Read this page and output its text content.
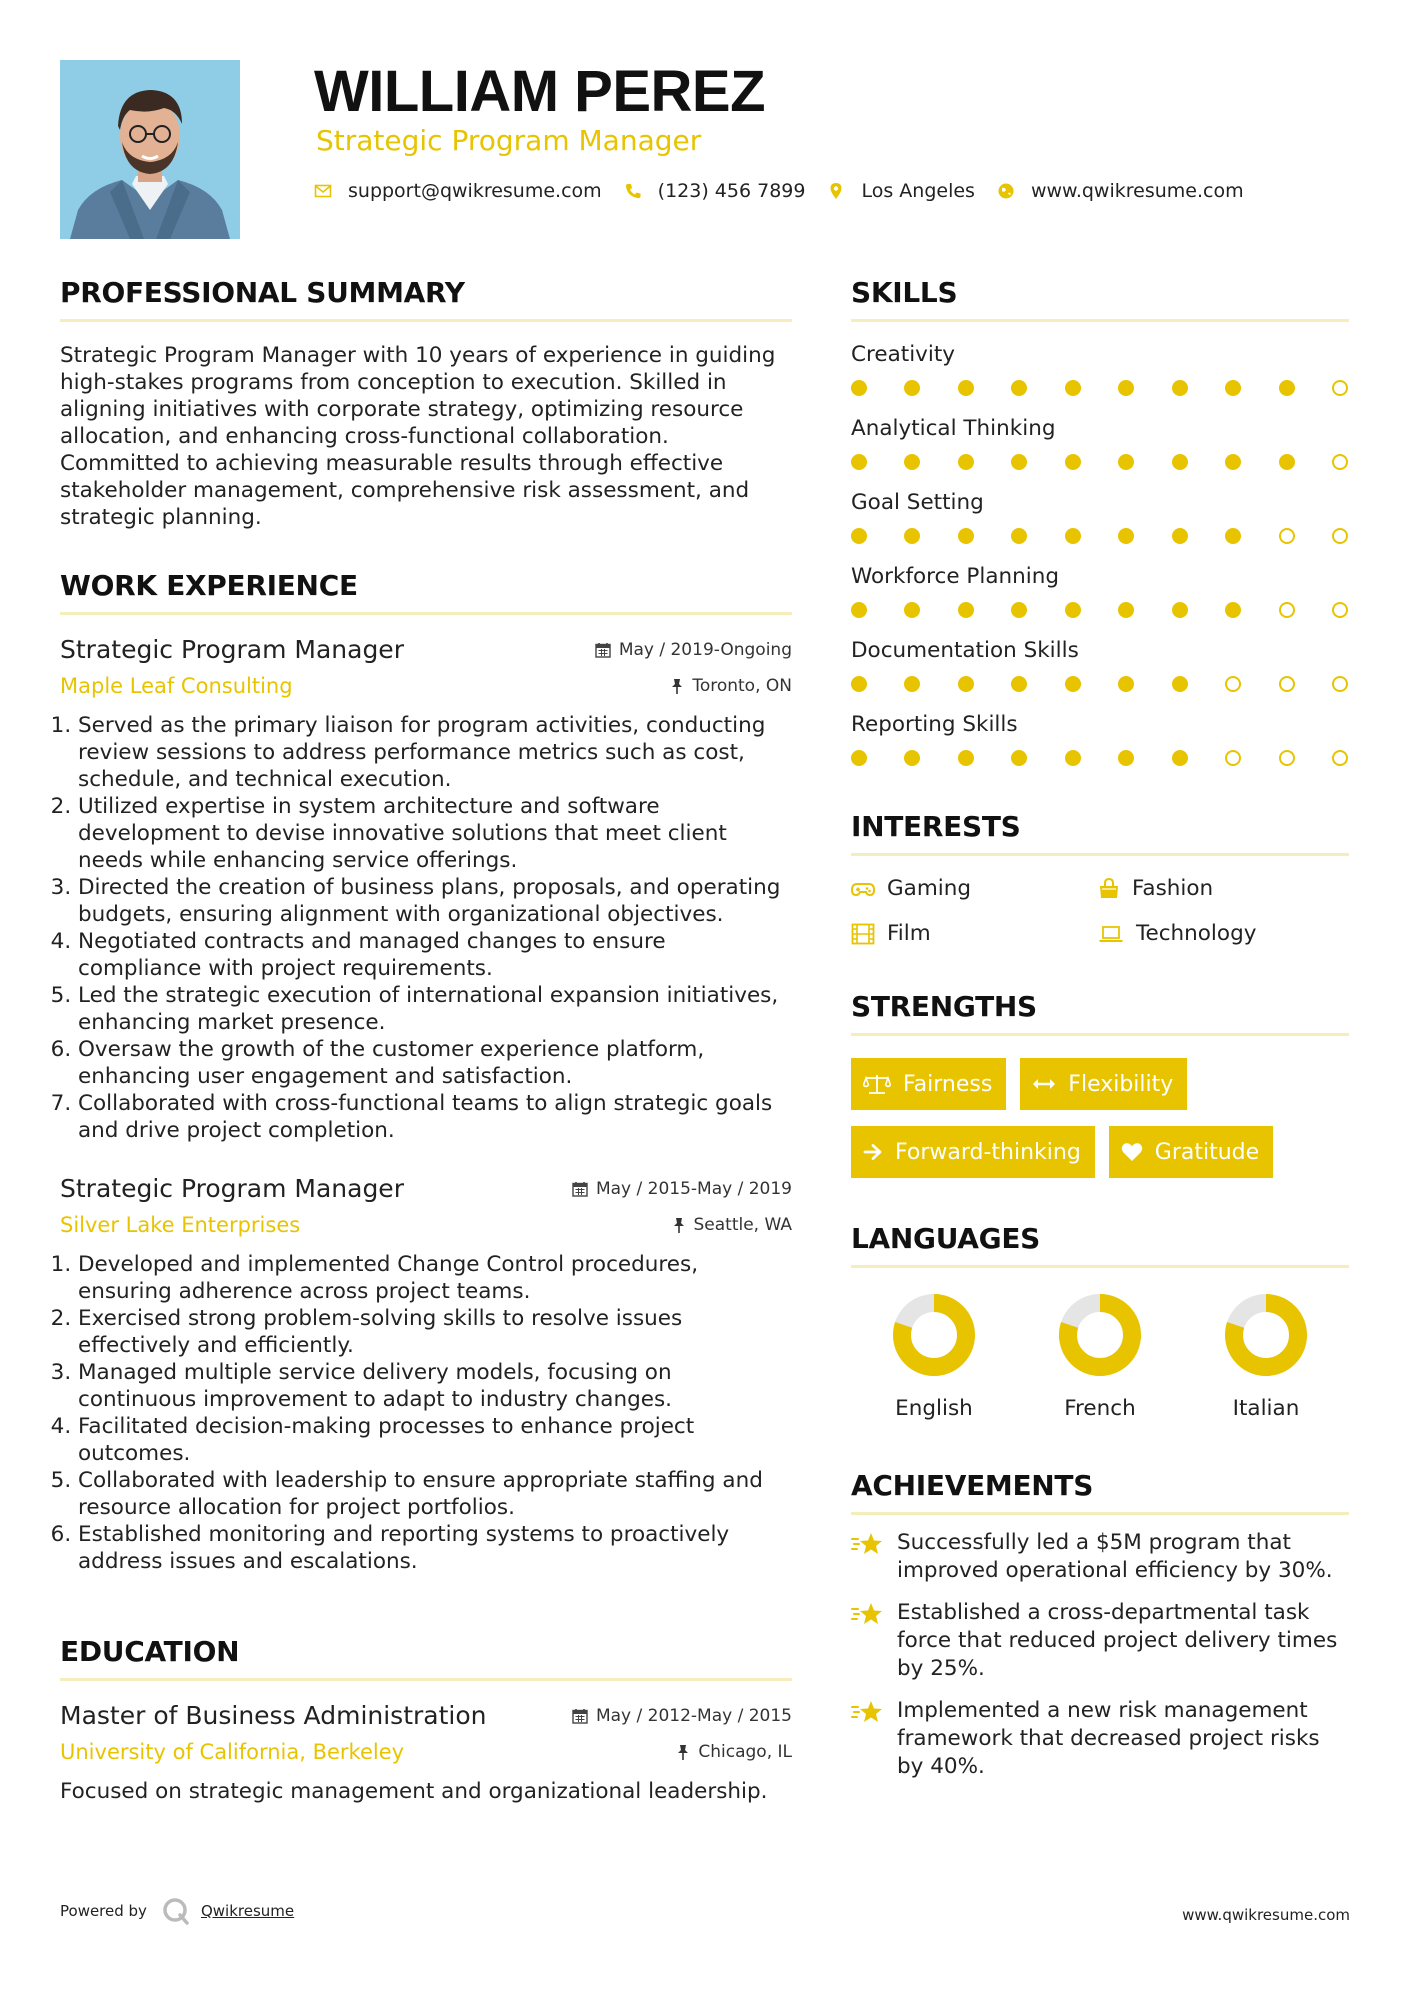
WILLIAM PEREZ
Strategic Program Manager
support@qwikresume.com	(123) 456 7899	Los Angeles	www.qwikresume.com
PROFESSIONAL SUMMARY
Strategic Program Manager with 10 years of experience in guiding high-stakes programs from conception to execution. Skilled in aligning initiatives with corporate strategy, optimizing resource allocation, and enhancing cross-functional collaboration. Committed to achieving measurable results through effective stakeholder management, comprehensive risk assessment, and strategic planning.
WORK EXPERIENCE
Strategic Program Manager	May / 2019-Ongoing
Maple Leaf Consulting	Toronto, ON
1. Served as the primary liaison for program activities, conducting review sessions to address performance metrics such as cost, schedule, and technical execution.
2. Utilized expertise in system architecture and software development to devise innovative solutions that meet client needs while enhancing service offerings.
3. Directed the creation of business plans, proposals, and operating budgets, ensuring alignment with organizational objectives.
4. Negotiated contracts and managed changes to ensure compliance with project requirements.
5. Led the strategic execution of international expansion initiatives, enhancing market presence.
6. Oversaw the growth of the customer experience platform, enhancing user engagement and satisfaction.
7. Collaborated with cross-functional teams to align strategic goals and drive project completion.
Strategic Program Manager	May / 2015-May / 2019
Silver Lake Enterprises	Seattle, WA
1. Developed and implemented Change Control procedures, ensuring adherence across project teams.
2. Exercised strong problem-solving skills to resolve issues effectively and efficiently.
3. Managed multiple service delivery models, focusing on continuous improvement to adapt to industry changes.
4. Facilitated decision-making processes to enhance project outcomes.
5. Collaborated with leadership to ensure appropriate staffing and resource allocation for project portfolios.
6. Established monitoring and reporting systems to proactively address issues and escalations.
EDUCATION
Master of Business Administration	May / 2012-May / 2015
University of California, Berkeley	Chicago, IL
Focused on strategic management and organizational leadership.
SKILLS
Creativity
Analytical Thinking
Goal Setting
Workforce Planning
Documentation Skills
Reporting Skills
INTERESTS
Gaming	Fashion
Film	Technology
STRENGTHS
Fairness	Flexibility
Forward-thinking	Gratitude
LANGUAGES
English	French	Italian
ACHIEVEMENTS
Successfully led a $5M program that improved operational efficiency by 30%.
Established a cross-departmental task force that reduced project delivery times by 25%.
Implemented a new risk management framework that decreased project risks by 40%.
Powered by	Qwikresume	www.qwikresume.com
